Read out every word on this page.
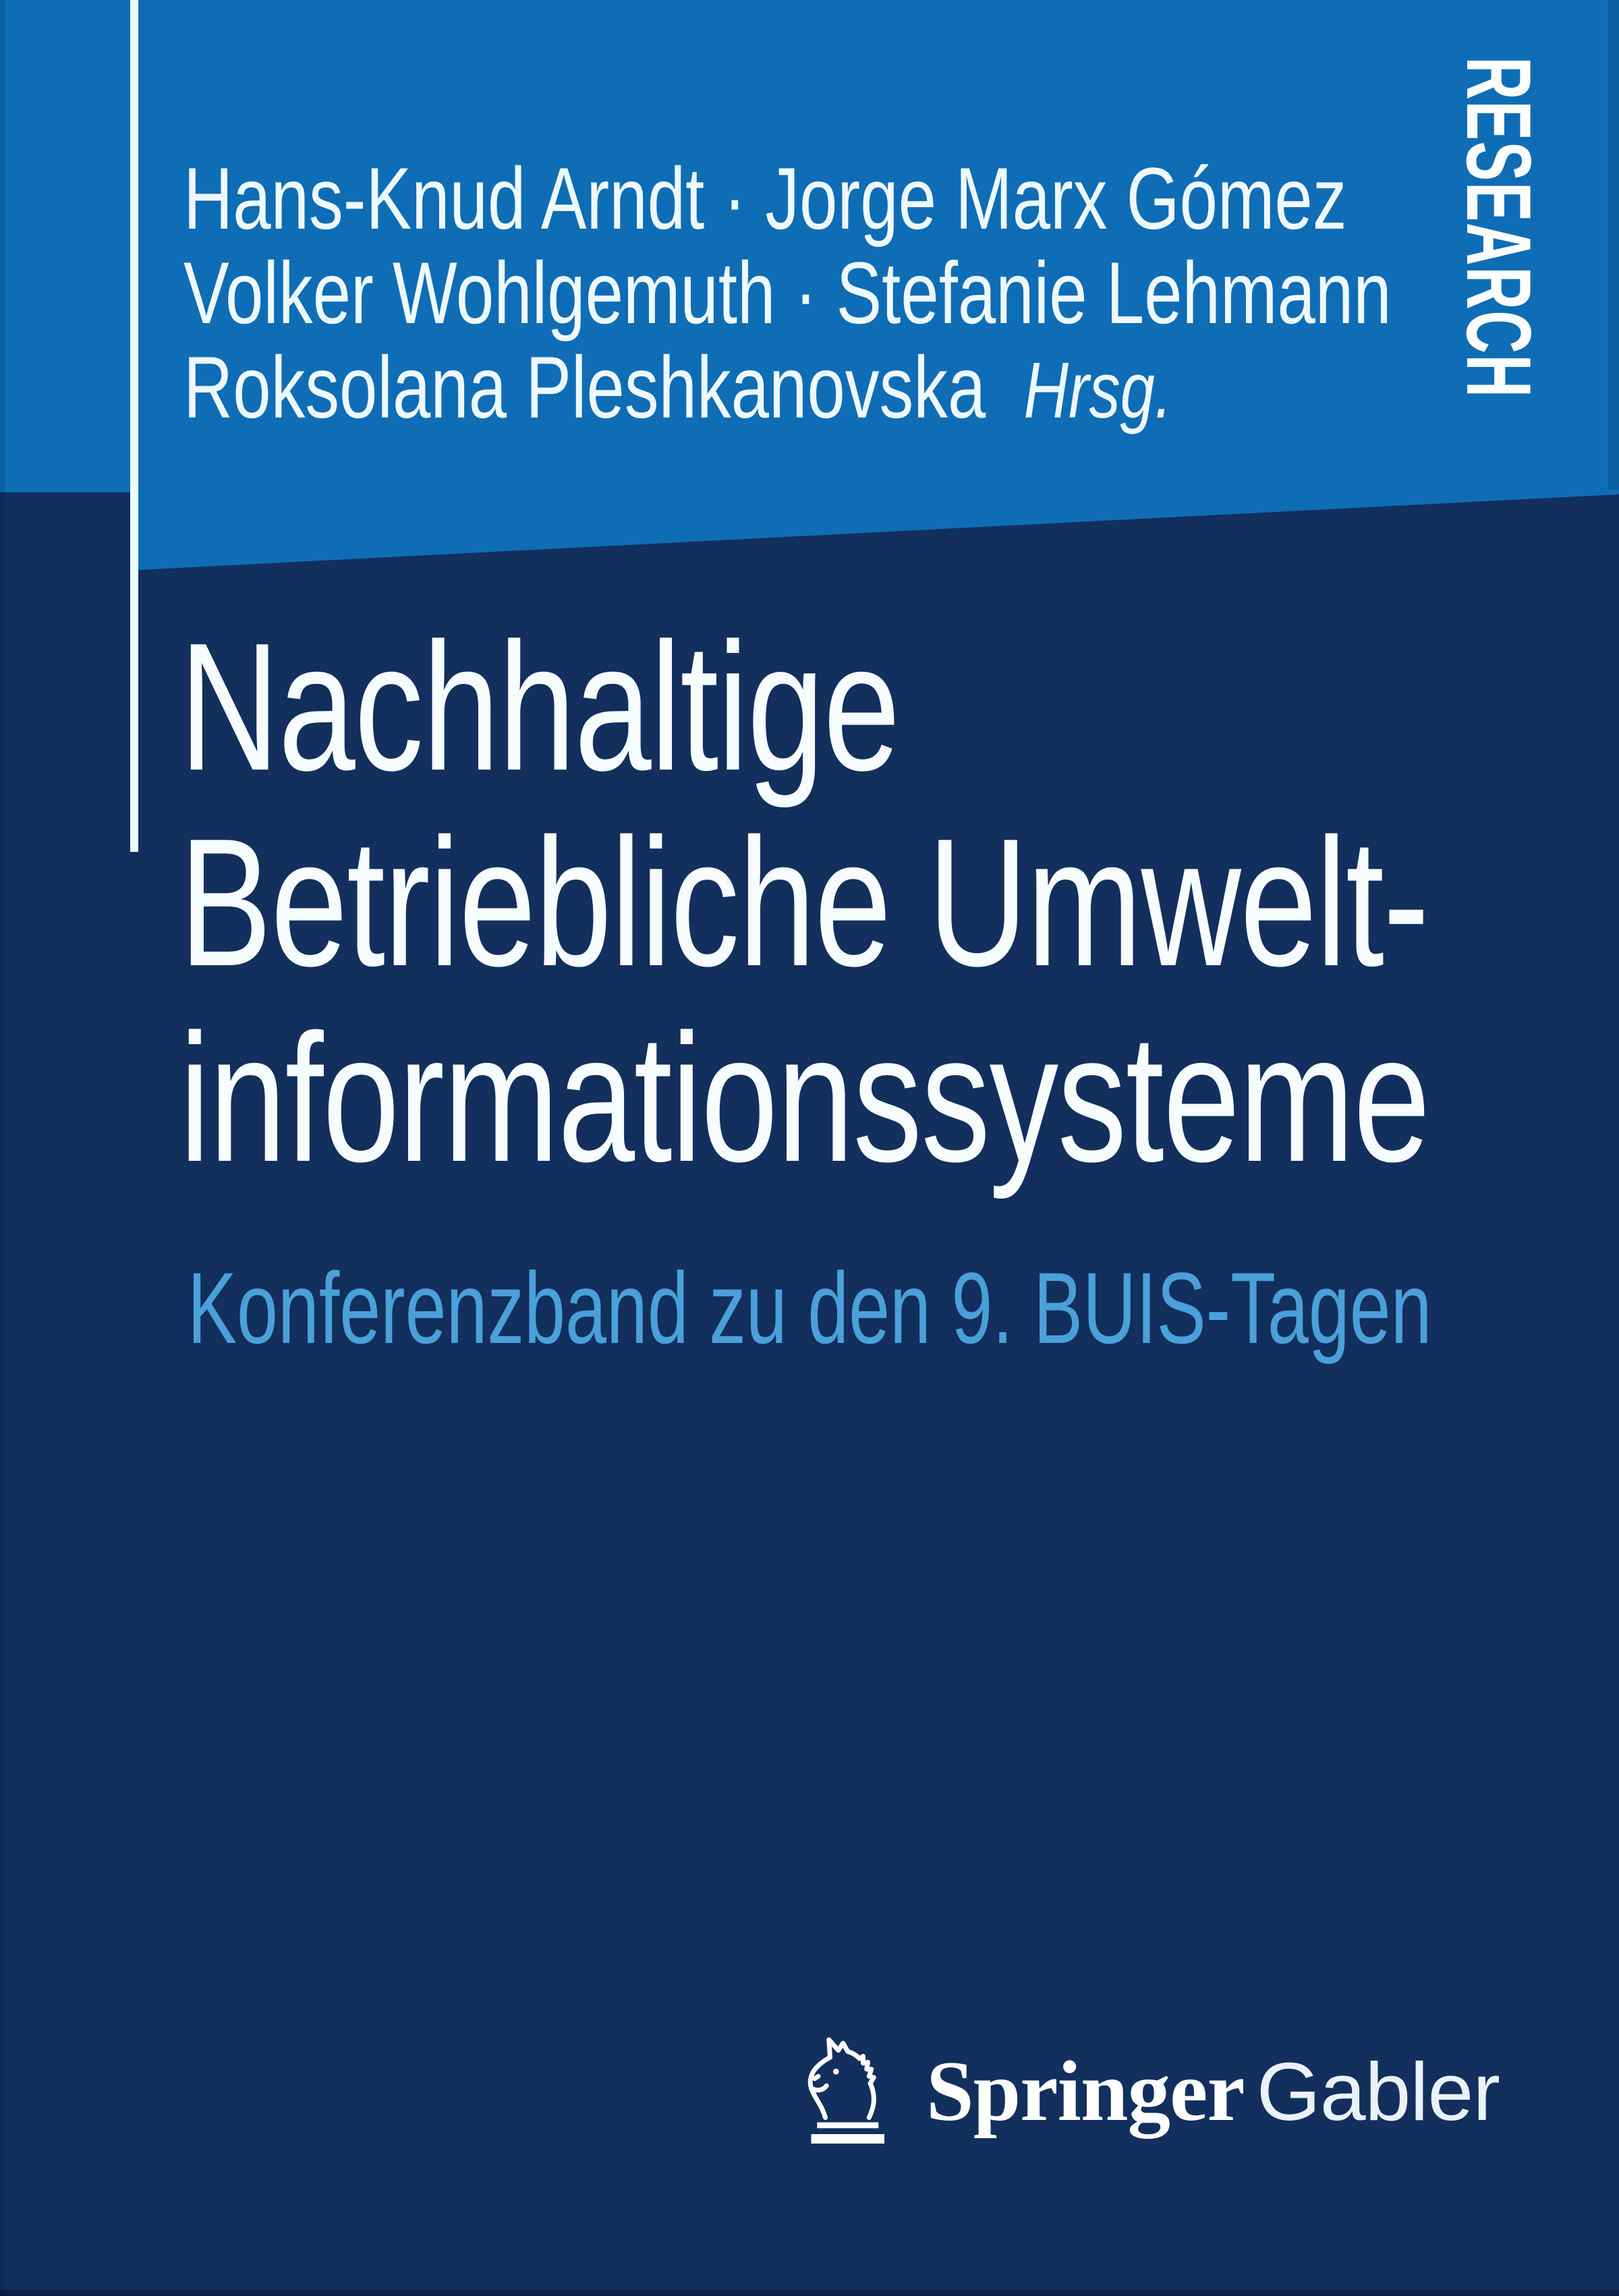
RESEARCH
Hans-Knud Arndt · Jorge Marx Gómez
Volker Wohlgemuth · Stefanie Lehmann
Roksolana Pleshkanovska Hrsg.
Nachhaltige
Betriebliche Umwelt-
informationssysteme
Konferenzband zu den 9. BUIS-Tagen
Springer Gabler
